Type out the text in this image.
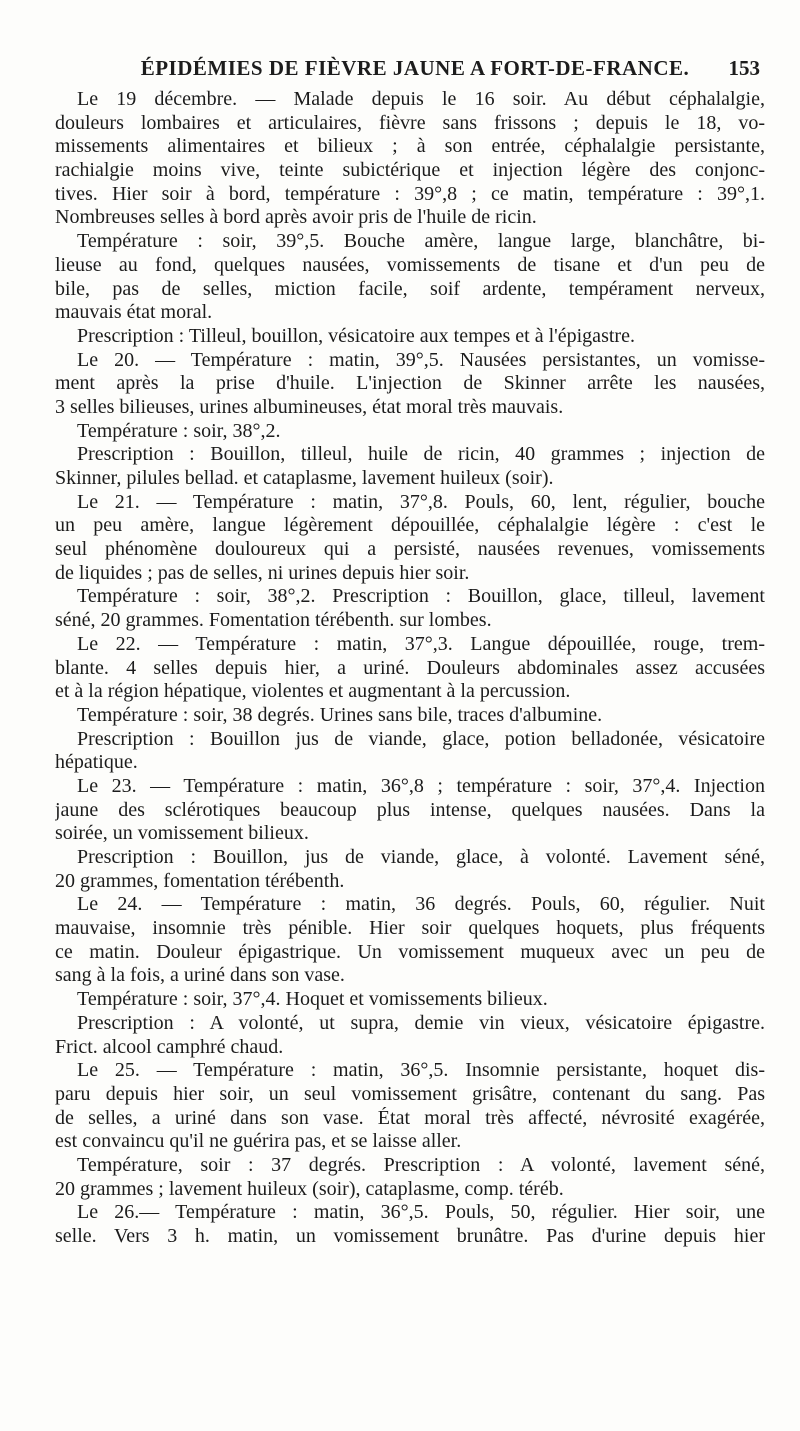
ÉPIDÉMIES DE FIÈVRE JAUNE A FORT-DE-FRANCE.	153
Le 19 décembre. — Malade depuis le 16 soir. Au début céphalalgie,
douleurs lombaires et articulaires, fièvre sans frissons ; depuis le 18, vo-
missements alimentaires et bilieux ; à son entrée, céphalalgie persistante,
rachialgie moins vive, teinte subictérique et injection légère des conjonc-
tives. Hier soir à bord, température : 39°,8 ; ce matin, température : 39°,1.
Nombreuses selles à bord après avoir pris de l'huile de ricin.
Température : soir, 39°,5. Bouche amère, langue large, blanchâtre, bi-
lieuse au fond, quelques nausées, vomissements de tisane et d'un peu de
bile, pas de selles, miction facile, soif ardente, tempérament nerveux,
mauvais état moral.
Prescription : Tilleul, bouillon, vésicatoire aux tempes et à l'épigastre.
Le 20. — Température : matin, 39°,5. Nausées persistantes, un vomisse-
ment après la prise d'huile. L'injection de Skinner arrête les nausées,
3 selles bilieuses, urines albumineuses, état moral très mauvais.
Température : soir, 38°,2.
Prescription : Bouillon, tilleul, huile de ricin, 40 grammes ; injection de
Skinner, pilules bellad. et cataplasme, lavement huileux (soir).
Le 21. — Température : matin, 37°,8. Pouls, 60, lent, régulier, bouche
un peu amère, langue légèrement dépouillée, céphalalgie légère : c'est le
seul phénomène douloureux qui a persisté, nausées revenues, vomissements
de liquides ; pas de selles, ni urines depuis hier soir.
Température : soir, 38°,2. Prescription : Bouillon, glace, tilleul, lavement
séné, 20 grammes. Fomentation térébenth. sur lombes.
Le 22. — Température : matin, 37°,3. Langue dépouillée, rouge, trem-
blante. 4 selles depuis hier, a uriné. Douleurs abdominales assez accusées
et à la région hépatique, violentes et augmentant à la percussion.
Température : soir, 38 degrés. Urines sans bile, traces d'albumine.
Prescription : Bouillon jus de viande, glace, potion belladonée, vésicatoire
hépatique.
Le 23. — Température : matin, 36°,8 ; température : soir, 37°,4. Injection
jaune des sclérotiques beaucoup plus intense, quelques nausées. Dans la
soirée, un vomissement bilieux.
Prescription : Bouillon, jus de viande, glace, à volonté. Lavement séné,
20 grammes, fomentation térébenth.
Le 24. — Température : matin, 36 degrés. Pouls, 60, régulier. Nuit
mauvaise, insomnie très pénible. Hier soir quelques hoquets, plus fréquents
ce matin. Douleur épigastrique. Un vomissement muqueux avec un peu de
sang à la fois, a uriné dans son vase.
Température : soir, 37°,4. Hoquet et vomissements bilieux.
Prescription : A volonté, ut supra, demie vin vieux, vésicatoire épigastre.
Frict. alcool camphré chaud.
Le 25. — Température : matin, 36°,5. Insomnie persistante, hoquet dis-
paru depuis hier soir, un seul vomissement grisâtre, contenant du sang. Pas
de selles, a uriné dans son vase. État moral très affecté, névrosité exagérée,
est convaincu qu'il ne guérira pas, et se laisse aller.
Température, soir : 37 degrés. Prescription : A volonté, lavement séné,
20 grammes ; lavement huileux (soir), cataplasme, comp. téréb.
Le 26.— Température : matin, 36°,5. Pouls, 50, régulier. Hier soir, une
selle. Vers 3 h. matin, un vomissement brunâtre. Pas d'urine depuis hier
